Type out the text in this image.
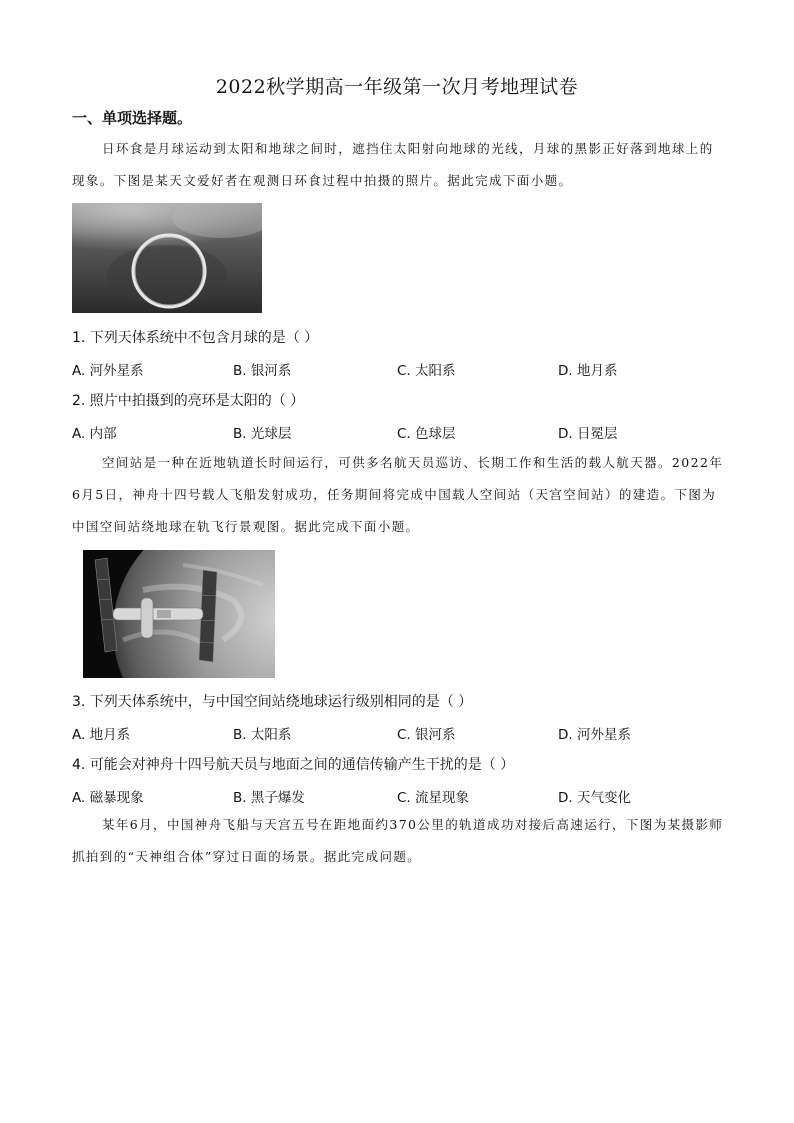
2022秋学期高一年级第一次月考地理试卷
一、单项选择题。
日环食是月球运动到太阳和地球之间时，遮挡住太阳射向地球的光线，月球的黑影正好落到地球上的现象。下图是某天文爱好者在观测日环食过程中拍摄的照片。据此完成下面小题。
1. 下列天体系统中不包含月球的是（ ）
A. 河外星系	B. 银河系	C. 太阳系	D. 地月系
2. 照片中拍摄到的亮环是太阳的（ ）
A. 内部	B. 光球层	C. 色球层	D. 日冕层
空间站是一种在近地轨道长时间运行，可供多名航天员巡访、长期工作和生活的载人航天器。2022年6月5日，神舟十四号载人飞船发射成功，任务期间将完成中国载人空间站（天宫空间站）的建造。下图为中国空间站绕地球在轨飞行景观图。据此完成下面小题。
3. 下列天体系统中，与中国空间站绕地球运行级别相同的是（ ）
A. 地月系	B. 太阳系	C. 银河系	D. 河外星系
4. 可能会对神舟十四号航天员与地面之间的通信传输产生干扰的是（ ）
A. 磁暴现象	B. 黑子爆发	C. 流星现象	D. 天气变化
某年6月，中国神舟飞船与天宫五号在距地面约370公里的轨道成功对接后高速运行，下图为某摄影师抓拍到的“天神组合体”穿过日面的场景。据此完成问题。
